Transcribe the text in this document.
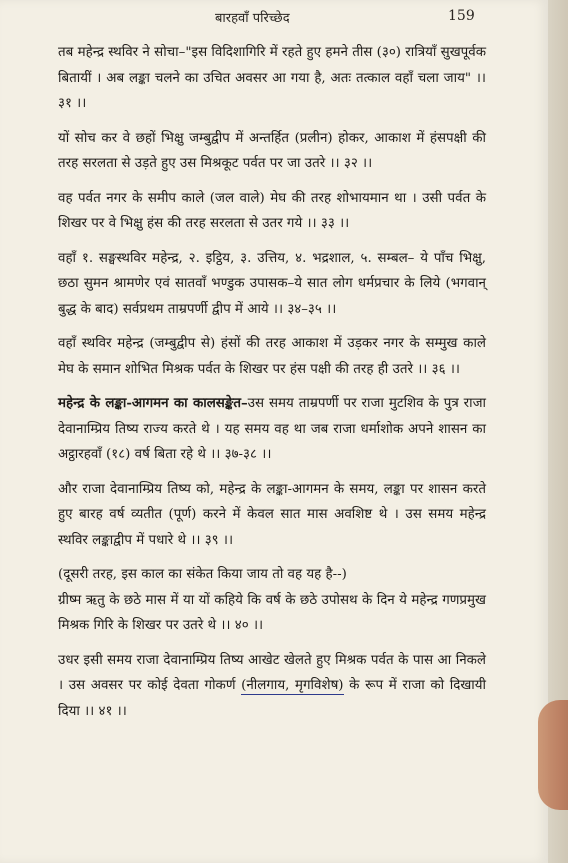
बारहवाँ परिच्छेद	159

तब महेन्द्र स्थविर ने सोचा–"इस विदिशागिरि में रहते हुए हमने तीस (३०) रात्रियाँ सुखपूर्वक बितायीं । अब लङ्का चलने का उचित अवसर आ गया है, अतः तत्काल वहाँ चला जाय" ।। ३१ ।।

यों सोच कर वे छहों भिक्षु जम्बुद्वीप में अन्तर्हित (प्रलीन) होकर, आकाश में हंसपक्षी की तरह सरलता से उड़ते हुए उस मिश्रकूट पर्वत पर जा उतरे ।। ३२ ।।

वह पर्वत नगर के समीप काले (जल वाले) मेघ की तरह शोभायमान था । उसी पर्वत के शिखर पर वे भिक्षु हंस की तरह सरलता से उतर गये ।। ३३ ।।

वहाँ १. सङ्घस्थविर महेन्द्र, २. इट्ठिय, ३. उत्तिय, ४. भद्रशाल, ५. सम्बल– ये पाँच भिक्षु, छठा सुमन श्रामणेर एवं सातवाँ भण्डुक उपासक–ये सात लोग धर्मप्रचार के लिये (भगवान् बुद्ध के बाद) सर्वप्रथम ताम्रपर्णी द्वीप में आये ।। ३४–३५ ।।

वहाँ स्थविर महेन्द्र (जम्बुद्वीप से) हंसों की तरह आकाश में उड़कर नगर के सम्मुख काले मेघ के समान शोभित मिश्रक पर्वत के शिखर पर हंस पक्षी की तरह ही उतरे ।। ३६ ।।

महेन्द्र के लङ्का-आगमन का कालसङ्केत–उस समय ताम्रपर्णी पर राजा मुटशिव के पुत्र राजा देवानाम्प्रिय तिष्य राज्य करते थे । यह समय वह था जब राजा धर्माशोक अपने शासन का अट्ठारहवाँ (१८) वर्ष बिता रहे थे ।। ३७-३८ ।।

और राजा देवानाम्प्रिय तिष्य को, महेन्द्र के लङ्का-आगमन के समय, लङ्का पर शासन करते हुए बारह वर्ष व्यतीत (पूर्ण) करने में केवल सात मास अवशिष्ट थे । उस समय महेन्द्र स्थविर लङ्काद्वीप में पधारे थे ।। ३९ ।।

(दूसरी तरह, इस काल का संकेत किया जाय तो वह यह है--)

ग्रीष्म ऋतु के छठे मास में या यों कहिये कि वर्ष के छठे उपोसथ के दिन ये महेन्द्र गणप्रमुख मिश्रक गिरि के शिखर पर उतरे थे ।। ४० ।।

उधर इसी समय राजा देवानाम्प्रिय तिष्य आखेट खेलते हुए मिश्रक पर्वत के पास आ निकले । उस अवसर पर कोई देवता गोकर्ण (नीलगाय, मृगविशेष) के रूप में राजा को दिखायी दिया ।। ४१ ।।
